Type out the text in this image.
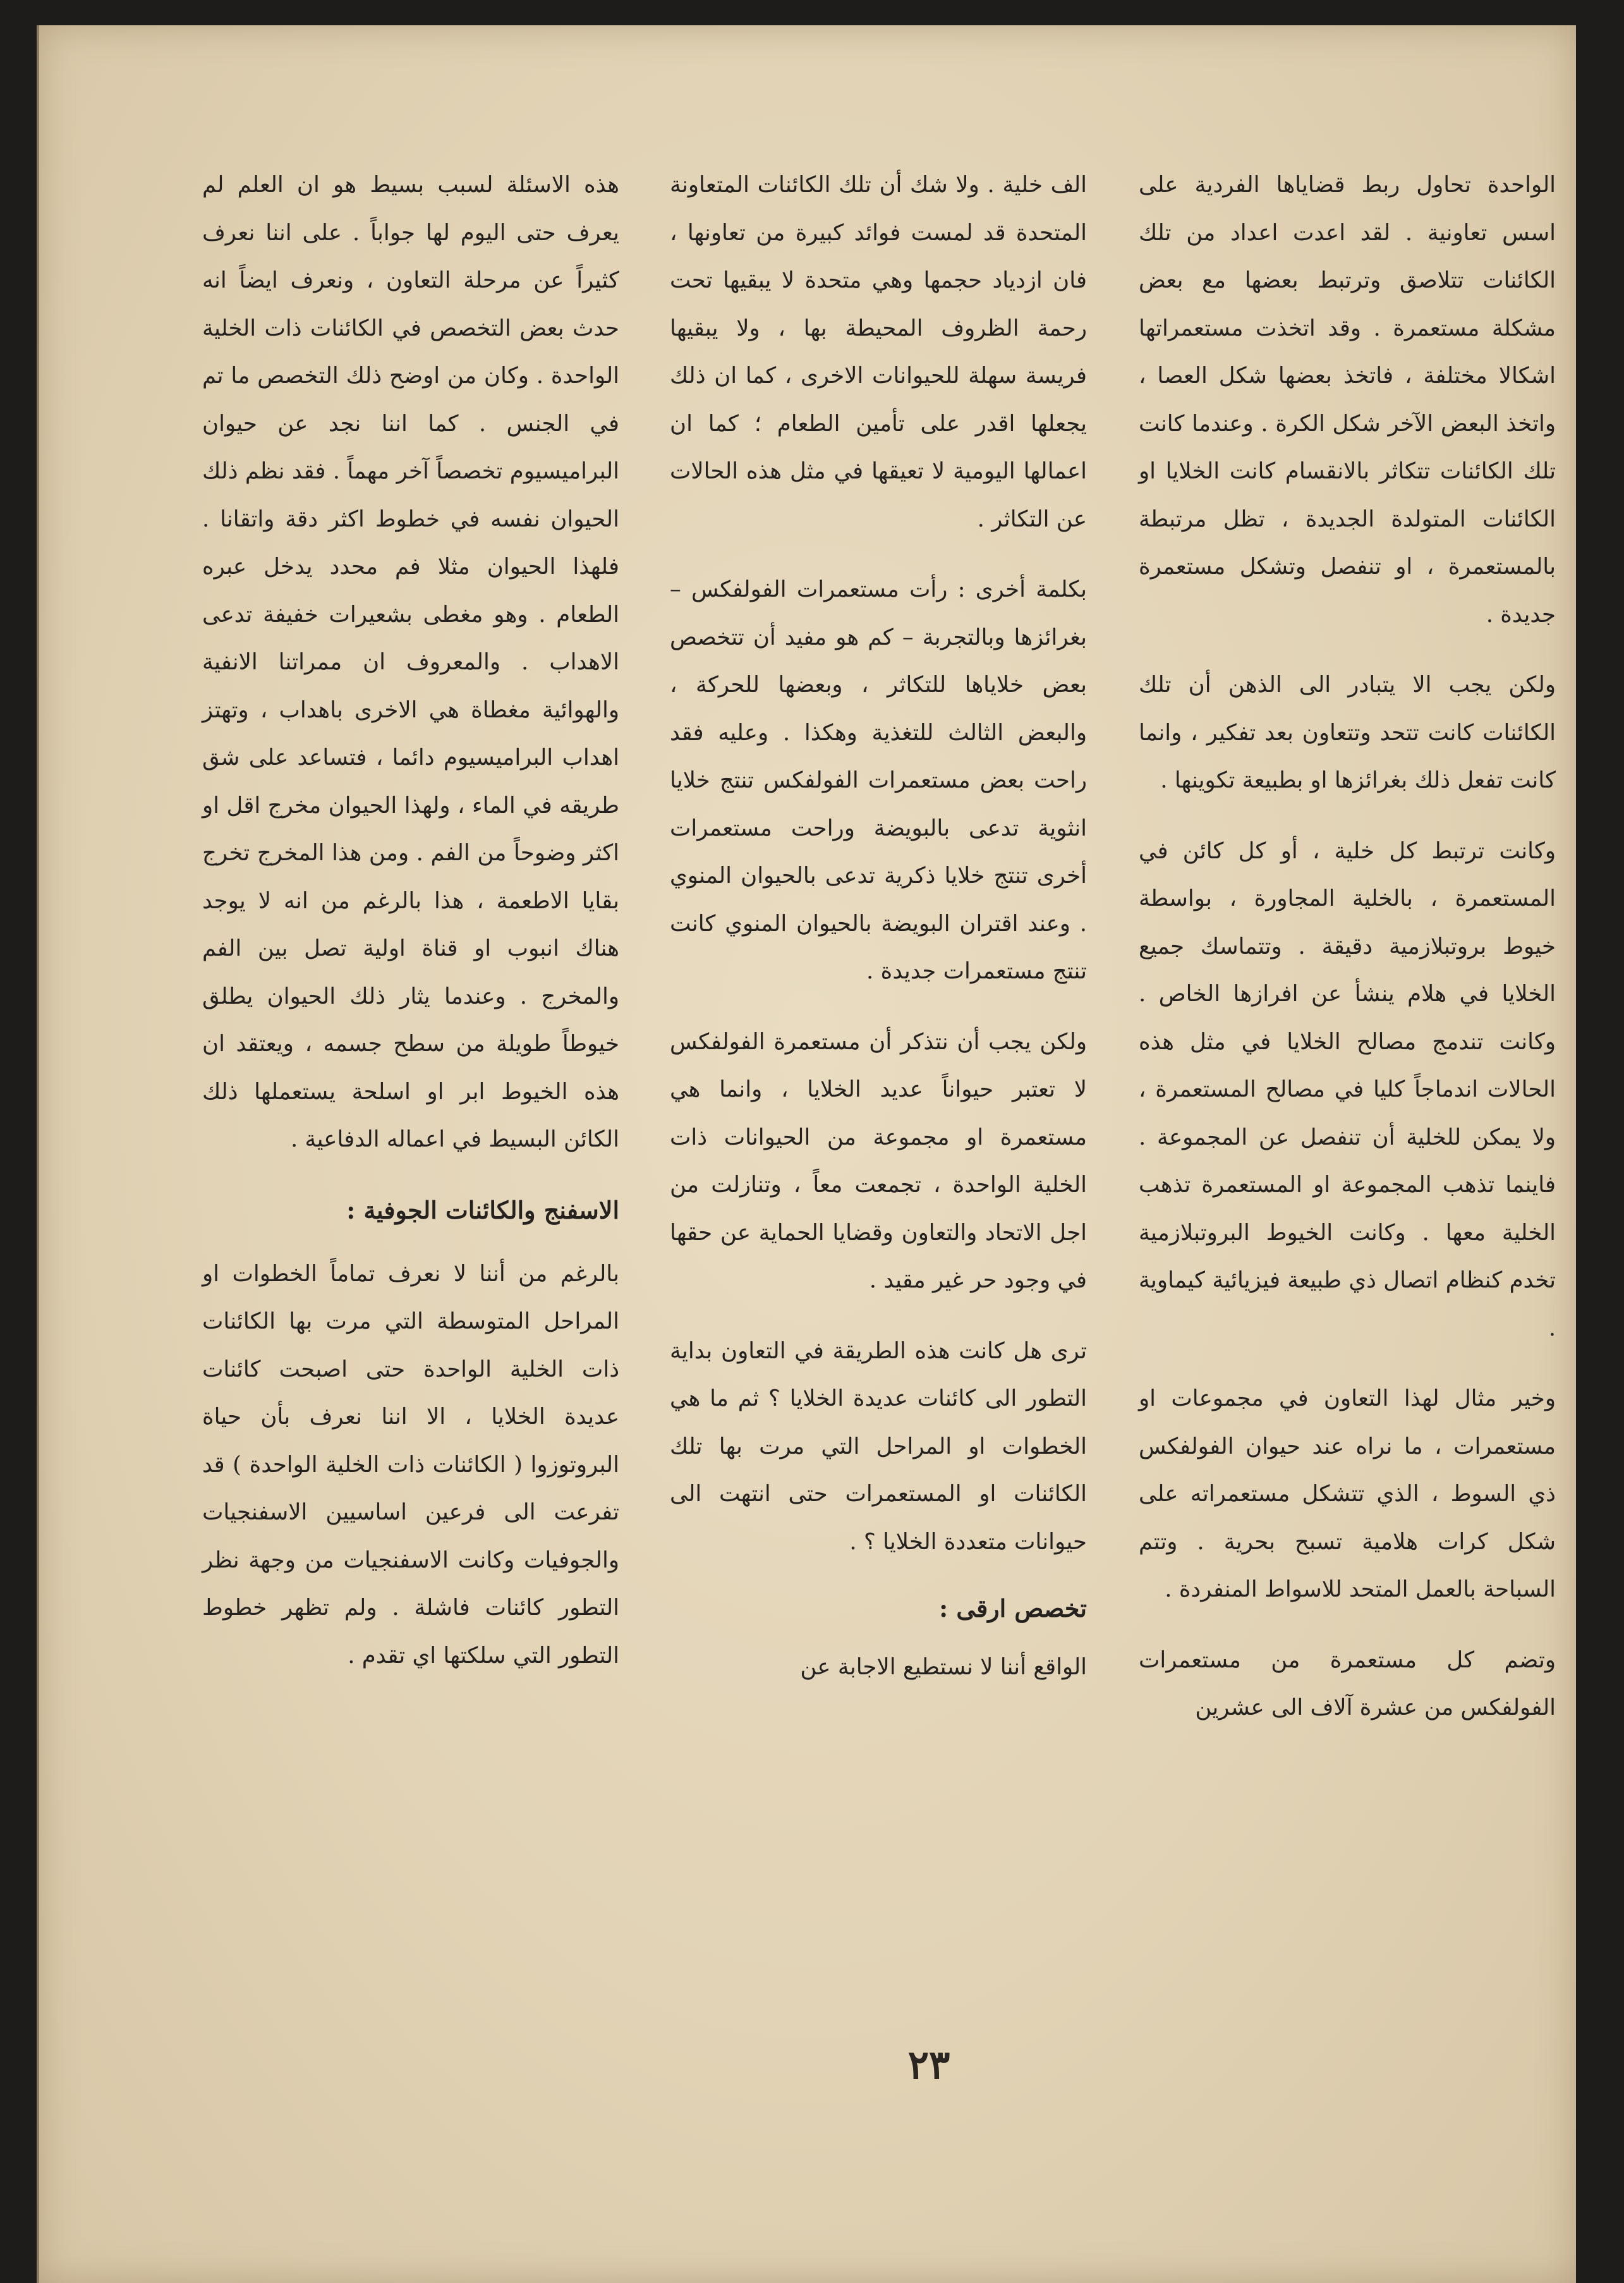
الواحدة تحاول ربط قضاياها الفردية على اسس تعاونية . لقد اعدت اعداد من تلك الكائنات تتلاصق وترتبط بعضها مع بعض مشكلة مستعمرة . وقد اتخذت مستعمراتها اشكالا مختلفة ، فاتخذ بعضها شكل العصا ، واتخذ البعض الآخر شكل الكرة . وعندما كانت تلك الكائنات تتكاثر بالانقسام كانت الخلايا او الكائنات المتولدة الجديدة ، تظل مرتبطة بالمستعمرة ، او تنفصل وتشكل مستعمرة جديدة .

ولكن يجب الا يتبادر الى الذهن أن تلك الكائنات كانت تتحد وتتعاون بعد تفكير ، وانما كانت تفعل ذلك بغرائزها او بطبيعة تكوينها .

وكانت ترتبط كل خلية ، أو كل كائن في المستعمرة ، بالخلية المجاورة ، بواسطة خيوط بروتبلازمية دقيقة . وتتماسك جميع الخلايا في هلام ينشأ عن افرازها الخاص . وكانت تندمج مصالح الخلايا في مثل هذه الحالات اندماجاً كليا في مصالح المستعمرة ، ولا يمكن للخلية أن تنفصل عن المجموعة . فاينما تذهب المجموعة او المستعمرة تذهب الخلية معها . وكانت الخيوط البروتبلازمية تخدم كنظام اتصال ذي طبيعة فيزيائية كيماوية .

وخير مثال لهذا التعاون في مجموعات او مستعمرات ، ما نراه عند حيوان الفولفكس ذي السوط ، الذي تتشكل مستعمراته على شكل كرات هلامية تسبح بحرية . وتتم السباحة بالعمل المتحد للاسواط المنفردة .

وتضم كل مستعمرة من مستعمرات الفولفكس من عشرة آلاف الى عشرين

الف خلية . ولا شك أن تلك الكائنات المتعاونة المتحدة قد لمست فوائد كبيرة من تعاونها ، فان ازدياد حجمها وهي متحدة لا يبقيها تحت رحمة الظروف المحيطة بها ، ولا يبقيها فريسة سهلة للحيوانات الاخرى ، كما ان ذلك يجعلها اقدر على تأمين الطعام ؛ كما ان اعمالها اليومية لا تعيقها في مثل هذه الحالات عن التكاثر .

بكلمة أخرى : رأت مستعمرات الفولفكس – بغرائزها وبالتجربة – كم هو مفيد أن تتخصص بعض خلاياها للتكاثر ، وبعضها للحركة ، والبعض الثالث للتغذية وهكذا . وعليه فقد راحت بعض مستعمرات الفولفكس تنتج خلايا انثوية تدعى بالبويضة وراحت مستعمرات أخرى تنتج خلايا ذكرية تدعى بالحيوان المنوي . وعند اقتران البويضة بالحيوان المنوي كانت تنتج مستعمرات جديدة .

ولكن يجب أن نتذكر أن مستعمرة الفولفكس لا تعتبر حيواناً عديد الخلايا ، وانما هي مستعمرة او مجموعة من الحيوانات ذات الخلية الواحدة ، تجمعت معاً ، وتنازلت من اجل الاتحاد والتعاون وقضايا الحماية عن حقها في وجود حر غير مقيد .

ترى هل كانت هذه الطريقة في التعاون بداية التطور الى كائنات عديدة الخلايا ؟ ثم ما هي الخطوات او المراحل التي مرت بها تلك الكائنات او المستعمرات حتى انتهت الى حيوانات متعددة الخلايا ؟ .

تخصص ارقى :

الواقع أننا لا نستطيع الاجابة عن

هذه الاسئلة لسبب بسيط هو ان العلم لم يعرف حتى اليوم لها جواباً . على اننا نعرف كثيراً عن مرحلة التعاون ، ونعرف ايضاً انه حدث بعض التخصص في الكائنات ذات الخلية الواحدة . وكان من اوضح ذلك التخصص ما تم في الجنس . كما اننا نجد عن حيوان البراميسيوم تخصصاً آخر مهماً . فقد نظم ذلك الحيوان نفسه في خطوط اكثر دقة واتقانا . فلهذا الحيوان مثلا فم محدد يدخل عبره الطعام . وهو مغطى بشعيرات خفيفة تدعى الاهداب . والمعروف ان ممراتنا الانفية والهوائية مغطاة هي الاخرى باهداب ، وتهتز اهداب البراميسيوم دائما ، فتساعد على شق طريقه في الماء ، ولهذا الحيوان مخرج اقل او اكثر وضوحاً من الفم . ومن هذا المخرج تخرج بقايا الاطعمة ، هذا بالرغم من انه لا يوجد هناك انبوب او قناة اولية تصل بين الفم والمخرج . وعندما يثار ذلك الحيوان يطلق خيوطاً طويلة من سطح جسمه ، ويعتقد ان هذه الخيوط ابر او اسلحة يستعملها ذلك الكائن البسيط في اعماله الدفاعية .

الاسفنج والكائنات الجوفية :

بالرغم من أننا لا نعرف تماماً الخطوات او المراحل المتوسطة التي مرت بها الكائنات ذات الخلية الواحدة حتى اصبحت كائنات عديدة الخلايا ، الا اننا نعرف بأن حياة البروتوزوا ( الكائنات ذات الخلية الواحدة ) قد تفرعت الى فرعين اساسيين الاسفنجيات والجوفيات وكانت الاسفنجيات من وجهة نظر التطور كائنات فاشلة . ولم تظهر خطوط التطور التي سلكتها اي تقدم .

٢٣
